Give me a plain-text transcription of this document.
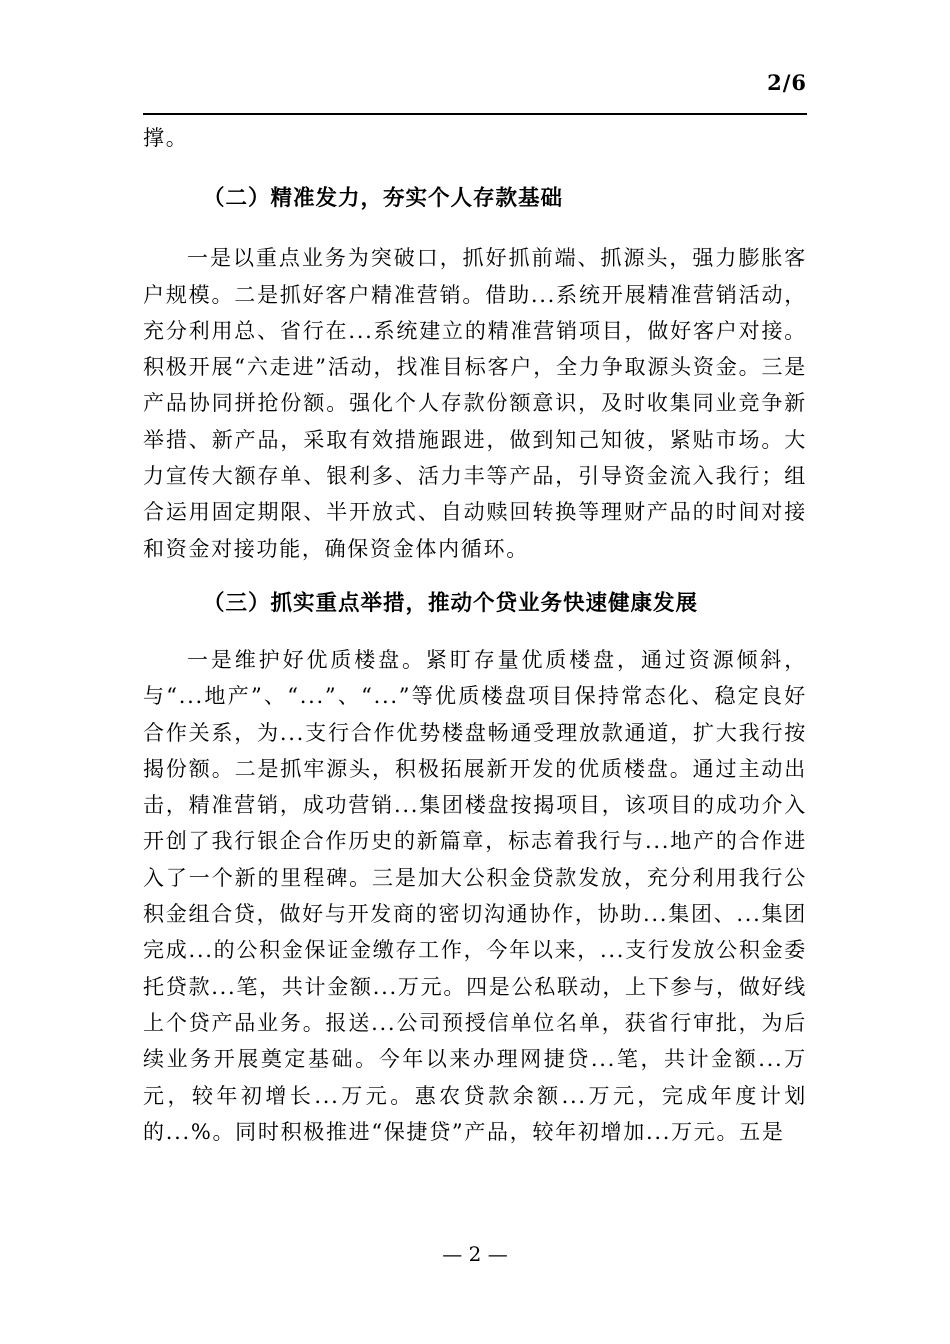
2/6

撑。

（二）精准发力，夯实个人存款基础

一是以重点业务为突破口，抓好抓前端、抓源头，强力膨胀客户规模。二是抓好客户精准营销。借助...系统开展精准营销活动，充分利用总、省行在...系统建立的精准营销项目，做好客户对接。积极开展“六走进”活动，找准目标客户，全力争取源头资金。三是产品协同拼抢份额。强化个人存款份额意识，及时收集同业竞争新举措、新产品，采取有效措施跟进，做到知己知彼，紧贴市场。大力宣传大额存单、银利多、活力丰等产品，引导资金流入我行；组合运用固定期限、半开放式、自动赎回转换等理财产品的时间对接和资金对接功能，确保资金体内循环。

（三）抓实重点举措，推动个贷业务快速健康发展

一是维护好优质楼盘。紧盯存量优质楼盘，通过资源倾斜，与“...地产”、“...”、“...”等优质楼盘项目保持常态化、稳定良好合作关系，为...支行合作优势楼盘畅通受理放款通道，扩大我行按揭份额。二是抓牢源头，积极拓展新开发的优质楼盘。通过主动出击，精准营销，成功营销...集团楼盘按揭项目，该项目的成功介入开创了我行银企合作历史的新篇章，标志着我行与...地产的合作进入了一个新的里程碑。三是加大公积金贷款发放，充分利用我行公积金组合贷，做好与开发商的密切沟通协作，协助...集团、...集团完成...的公积金保证金缴存工作，今年以来，...支行发放公积金委托贷款...笔，共计金额...万元。四是公私联动，上下参与，做好线上个贷产品业务。报送...公司预授信单位名单，获省行审批，为后续业务开展奠定基础。今年以来办理网捷贷...笔，共计金额...万元，较年初增长...万元。惠农贷款余额...万元，完成年度计划的...%。同时积极推进“保捷贷”产品，较年初增加...万元。五是

— 2 —
